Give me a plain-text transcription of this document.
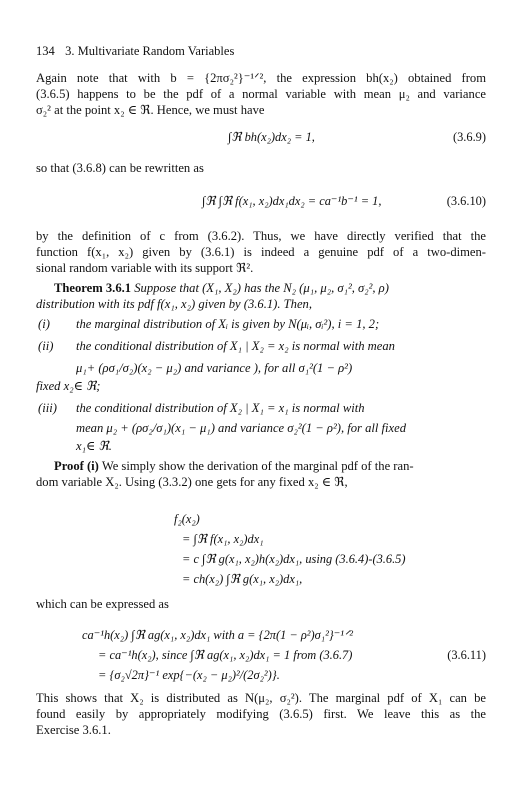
134 3. Multivariate Random Variables
Again note that with b = {2πσ₂²}⁻¹ᐟ², the expression bh(x₂) obtained from
(3.6.5) happens to be the pdf of a normal variable with mean μ₂ and variance
σ₂² at the point x₂ ∈ ℜ. Hence, we must have
∫ℜ bh(x₂)dx₂ = 1,	(3.6.9)
so that (3.6.8) can be rewritten as
∫ℜ ∫ℜ f(x₁, x₂)dx₁dx₂ = ca⁻¹b⁻¹ = 1,	(3.6.10)
by the definition of c from (3.6.2). Thus, we have directly verified that the
function f(x₁, x₂) given by (3.6.1) is indeed a genuine pdf of a two-dimen-
sional random variable with its support ℜ².
Theorem 3.6.1 Suppose that (X₁, X₂) has the N₂ (μ₁, μ₂, σ₁², σ₂², ρ)
distribution with its pdf f(x₁, x₂) given by (3.6.1). Then,
(i) the marginal distribution of Xᵢ is given by N(μᵢ, σᵢ²), i = 1, 2;
(ii) the conditional distribution of X₁ | X₂ = x₂ is normal with mean
μ₁+ (ρσ₁/σ₂)(x₂ − μ₂) and variance ), for all σ₁²(1 − ρ²)
fixed x₂∈ ℜ;
(iii) the conditional distribution of X₂ | X₁ = x₁ is normal with
mean μ₂ + (ρσ₂/σ₁)(x₁ − μ₁) and variance σ₂²(1 − ρ²), for all fixed
x₁∈ ℜ.
Proof (i) We simply show the derivation of the marginal pdf of the ran-
dom variable X₂. Using (3.3.2) one gets for any fixed x₂ ∈ ℜ,
f₂(x₂)
= ∫ℜ f(x₁, x₂)dx₁
= c ∫ℜ g(x₁, x₂)h(x₂)dx₁, using (3.6.4)-(3.6.5)
= ch(x₂) ∫ℜ g(x₁, x₂)dx₁,
which can be expressed as
ca⁻¹h(x₂) ∫ℜ ag(x₁, x₂)dx₁ with a = {2π(1 − ρ²)σ₁²}⁻¹ᐟ²
= ca⁻¹h(x₂), since ∫ℜ ag(x₁, x₂)dx₁ = 1 from (3.6.7)	(3.6.11)
= {σ₂√2π}⁻¹ exp{−(x₂ − μ₂)²/(2σ₂²)}.
This shows that X₂ is distributed as N(μ₂, σ₂²). The marginal pdf of X₁ can be
found easily by appropriately modifying (3.6.5) first. We leave this as the
Exercise 3.6.1.
